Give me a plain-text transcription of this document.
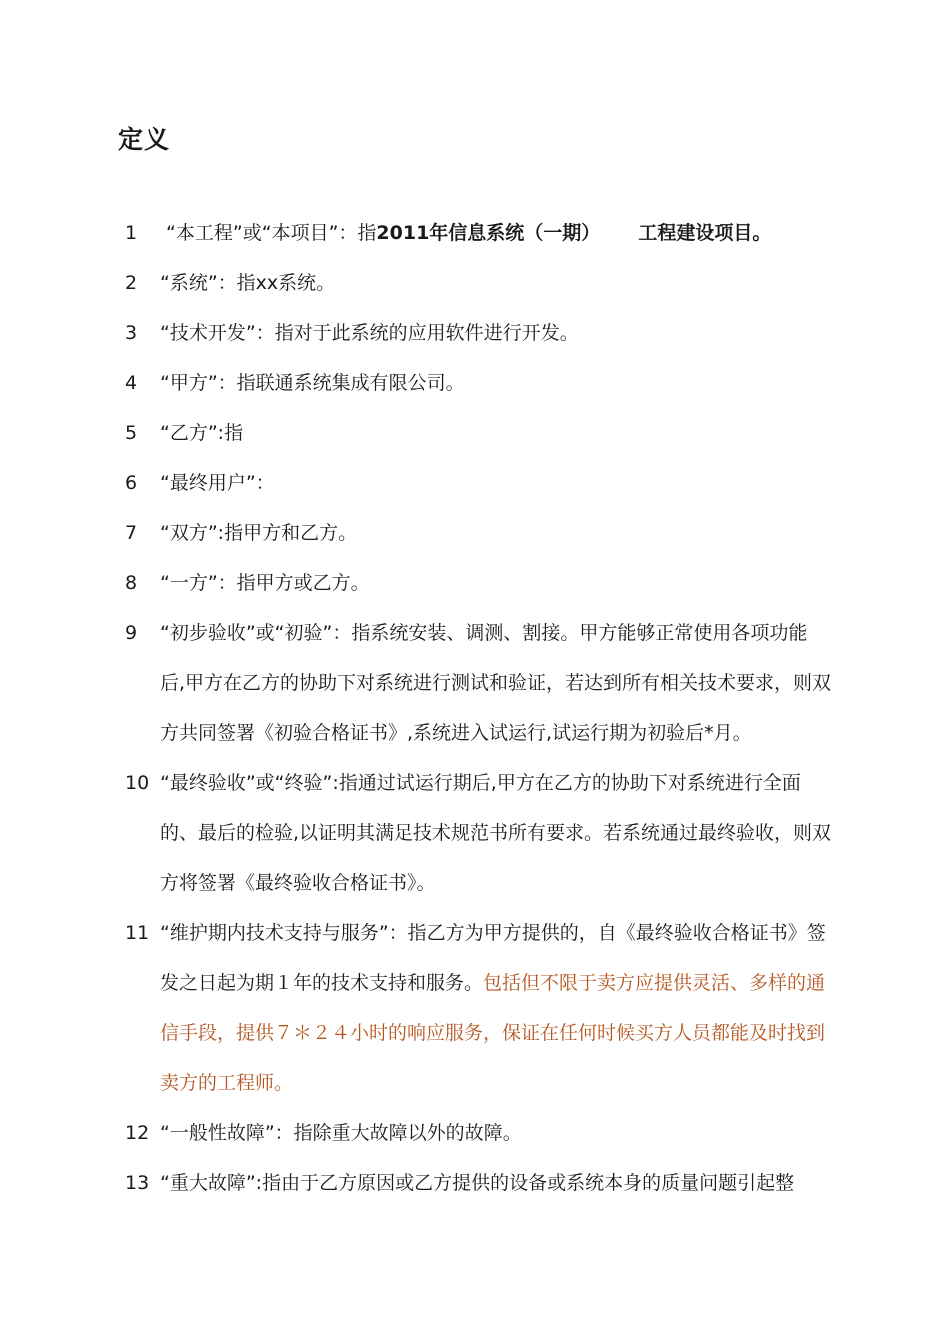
定义
1	“本工程”或“本项目”：指2011年信息系统（一期） 工程建设项目。
2 “系统”：指xx系统。
3 “技术开发”：指对于此系统的应用软件进行开发。
4 “甲方”：指联通系统集成有限公司。
5 “乙方”:指
6 “最终用户”：
7 “双方”:指甲方和乙方。
8 “一方”：指甲方或乙方。
9 “初步验收”或“初验”：指系统安装、调测、割接。甲方能够正常使用各项功能后,甲方在乙方的协助下对系统进行测试和验证，若达到所有相关技术要求，则双方共同签署《初验合格证书》,系统进入试运行,试运行期为初验后*月。
10 “最终验收”或“终验”:指通过试运行期后,甲方在乙方的协助下对系统进行全面的、最后的检验,以证明其满足技术规范书所有要求。若系统通过最终验收，则双方将签署《最终验收合格证书》。
11 “维护期内技术支持与服务”：指乙方为甲方提供的，自《最终验收合格证书》签发之日起为期１年的技术支持和服务。包括但不限于卖方应提供灵活、多样的通信手段，提供７＊２４小时的响应服务，保证在任何时候买方人员都能及时找到卖方的工程师。
12 “一般性故障”：指除重大故障以外的故障。
13 “重大故障”:指由于乙方原因或乙方提供的设备或系统本身的质量问题引起整
